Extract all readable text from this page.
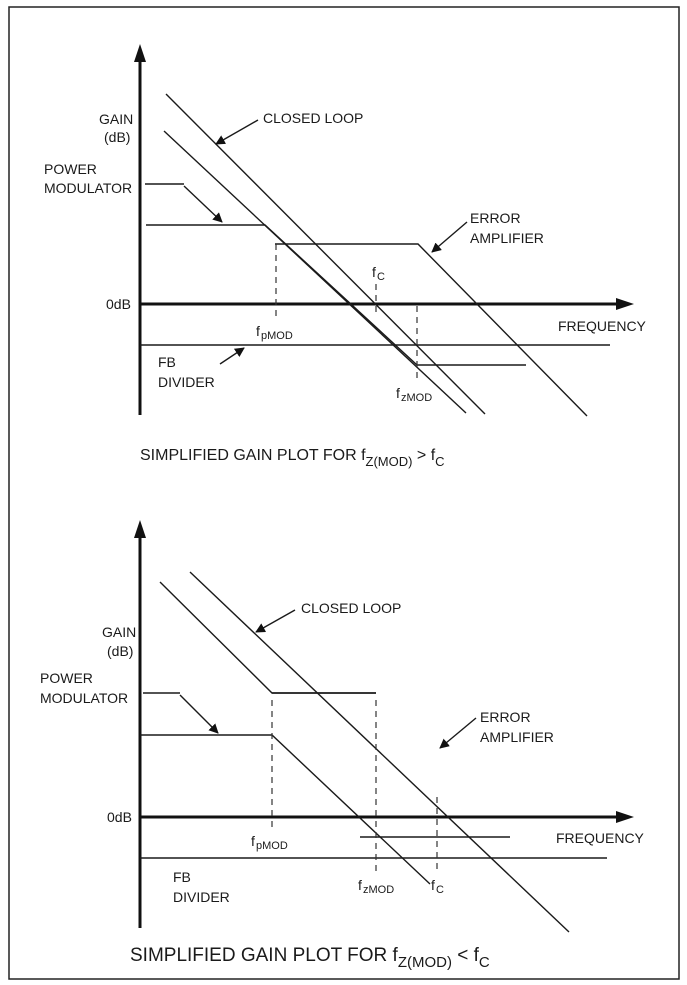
GAIN
(dB)
POWER
MODULATOR
CLOSED LOOP
ERROR
AMPLIFIER
0dB
FREQUENCY
FB
DIVIDER
f pMOD
f C
f zMOD
SIMPLIFIED GAIN PLOT FOR $f_{Z(MOD)} > f_C$
GAIN
(dB)
POWER
MODULATOR
CLOSED LOOP
ERROR
AMPLIFIER
0dB
FREQUENCY
FB
DIVIDER
f pMOD
f zMOD	f C
SIMPLIFIED GAIN PLOT FOR $f_{Z(MOD)} < f_C$
